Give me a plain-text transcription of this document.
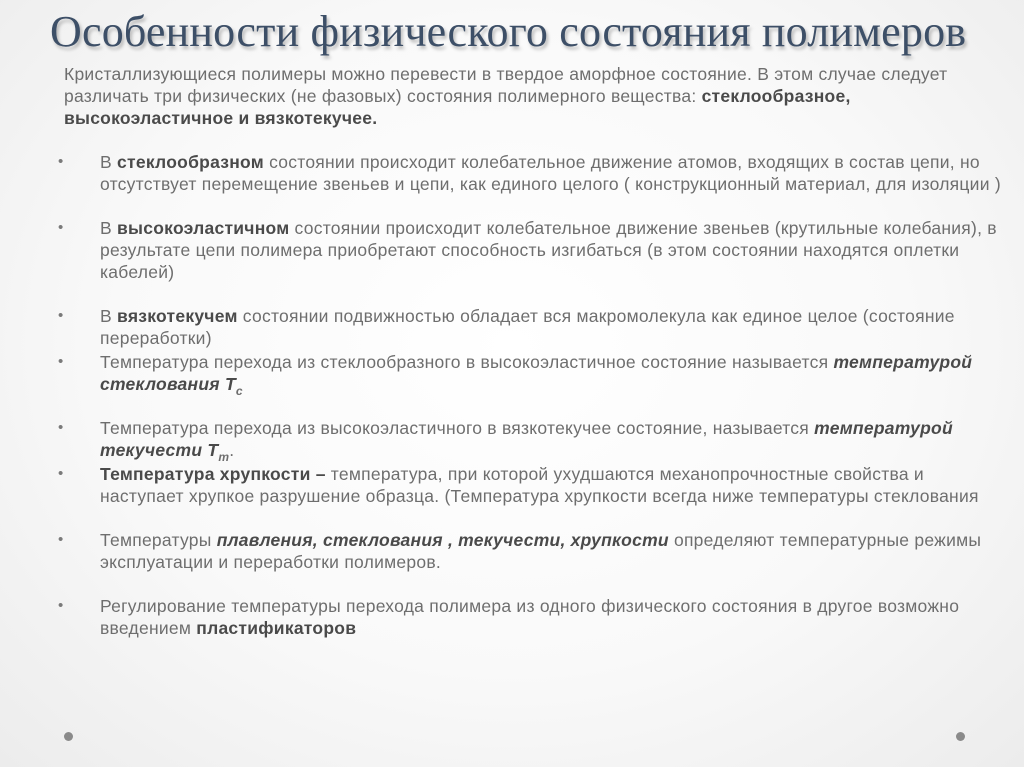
Особенности физического состояния полимеров

Кристаллизующиеся полимеры можно перевести в твердое аморфное состояние. В этом случае следует различать три физических (не фазовых) состояния полимерного вещества: стеклообразное, высокоэластичное и вязкотекучее.

• В стеклообразном состоянии происходит колебательное движение атомов, входящих в состав цепи, но отсутствует перемещение звеньев и цепи, как единого целого ( конструкционный материал, для изоляции )
• В высокоэластичном состоянии происходит колебательное движение звеньев (крутильные колебания), в результате цепи полимера приобретают способность изгибаться (в этом состоянии находятся оплетки кабелей)
• В вязкотекучем состоянии подвижностью обладает вся макромолекула как единое целое (состояние переработки)
• Температура перехода из стеклообразного в высокоэластичное состояние называется температурой стеклования $T_c$
• Температура перехода из высокоэластичного в вязкотекучее состояние, называется температурой текучести $T_т$.
• Температура хрупкости – температура, при которой ухудшаются механопрочностные свойства и наступает хрупкое разрушение образца. (Температура хрупкости всегда ниже температуры стеклования
• Температуры плавления, стеклования , текучести, хрупкости определяют температурные режимы эксплуатации и переработки полимеров.
• Регулирование температуры перехода полимера из одного физического состояния в другое возможно введением пластификаторов
